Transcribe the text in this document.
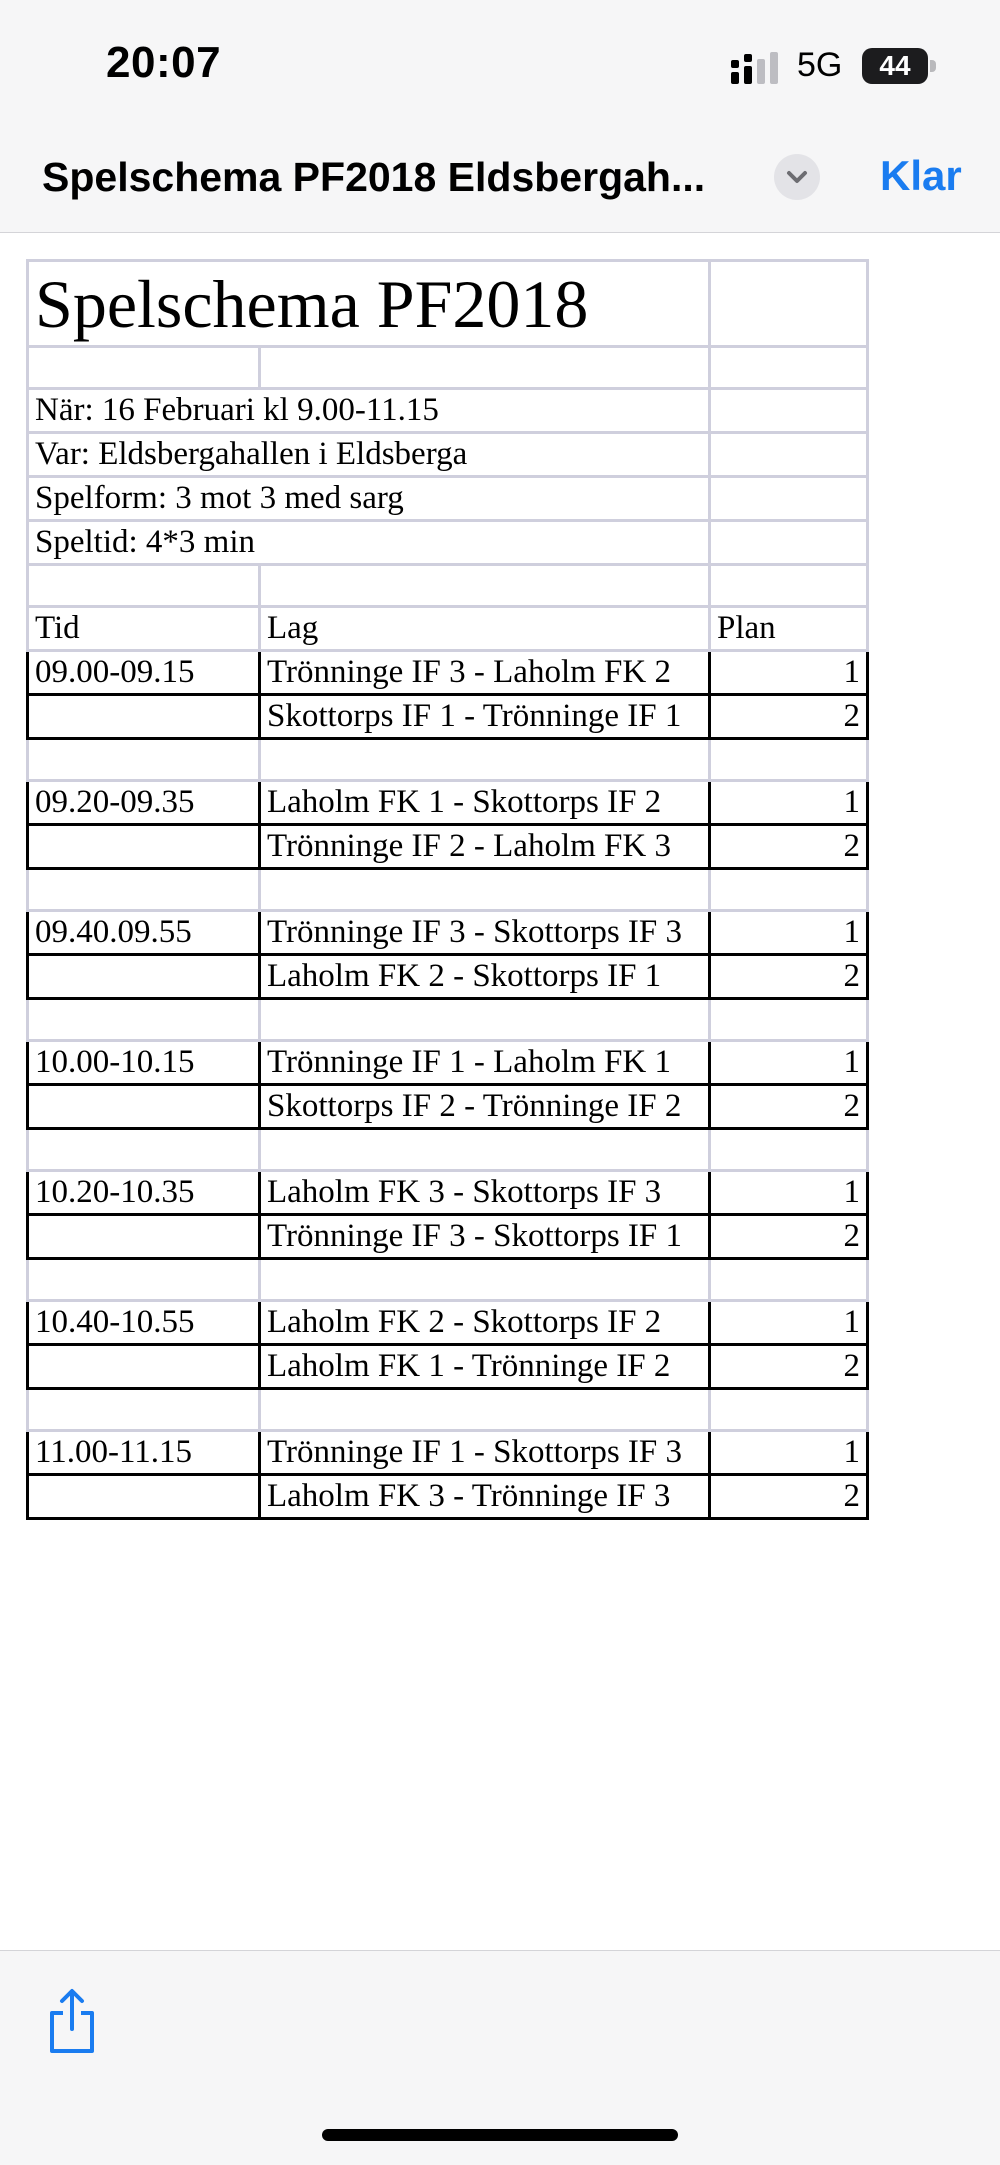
20:07	5G	44
Spelschema PF2018 Eldsbergah...	Klar
Spelschema PF2018		

När: 16 Februari kl 9.00-11.15		
Var: Eldsbergahallen i Eldsberga		
Spelform: 3 mot 3 med sarg		
Speltid: 4*3 min		

Tid	Lag	Plan
09.00-09.15	Trönninge IF 3 - Laholm FK 2	1
	Skottorps IF 1 - Trönninge IF 1	2

09.20-09.35	Laholm FK 1 - Skottorps IF 2	1
	Trönninge IF 2 - Laholm FK 3	2

09.40.09.55	Trönninge IF 3 - Skottorps IF 3	1
	Laholm FK 2 - Skottorps IF 1	2

10.00-10.15	Trönninge IF 1 - Laholm FK 1	1
	Skottorps IF 2 - Trönninge IF 2	2

10.20-10.35	Laholm FK 3 - Skottorps IF 3	1
	Trönninge IF 3 - Skottorps IF 1	2

10.40-10.55	Laholm FK 2 - Skottorps IF 2	1
	Laholm FK 1 - Trönninge IF 2	2

11.00-11.15	Trönninge IF 1 - Skottorps IF 3	1
	Laholm FK 3 - Trönninge IF 3	2
